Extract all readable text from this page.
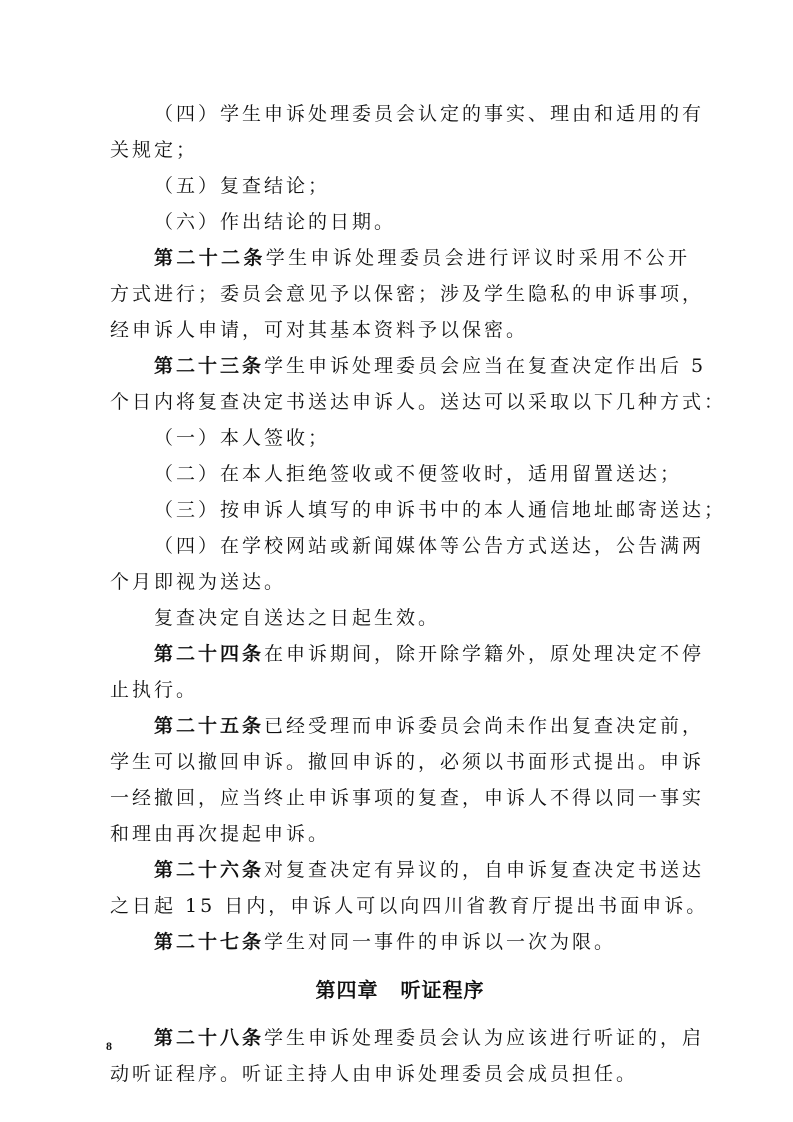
（四）学生申诉处理委员会认定的事实、理由和适用的有
关规定；
（五）复查结论；
（六）作出结论的日期。
第二十二条学生申诉处理委员会进行评议时采用不公开
方式进行；委员会意见予以保密；涉及学生隐私的申诉事项，
经申诉人申请，可对其基本资料予以保密。
第二十三条学生申诉处理委员会应当在复查决定作出后 5
个日内将复查决定书送达申诉人。送达可以采取以下几种方式：
（一）本人签收；
（二）在本人拒绝签收或不便签收时，适用留置送达；
（三）按申诉人填写的申诉书中的本人通信地址邮寄送达；
（四）在学校网站或新闻媒体等公告方式送达，公告满两
个月即视为送达。
复查决定自送达之日起生效。
第二十四条在申诉期间，除开除学籍外，原处理决定不停
止执行。
第二十五条已经受理而申诉委员会尚未作出复查决定前，
学生可以撤回申诉。撤回申诉的，必须以书面形式提出。申诉
一经撤回，应当终止申诉事项的复查，申诉人不得以同一事实
和理由再次提起申诉。
第二十六条对复查决定有异议的，自申诉复查决定书送达
之日起 15 日内，申诉人可以向四川省教育厅提出书面申诉。
第二十七条学生对同一事件的申诉以一次为限。
第四章 听证程序
第二十八条学生申诉处理委员会认为应该进行听证的，启
动听证程序。听证主持人由申诉处理委员会成员担任。
8
